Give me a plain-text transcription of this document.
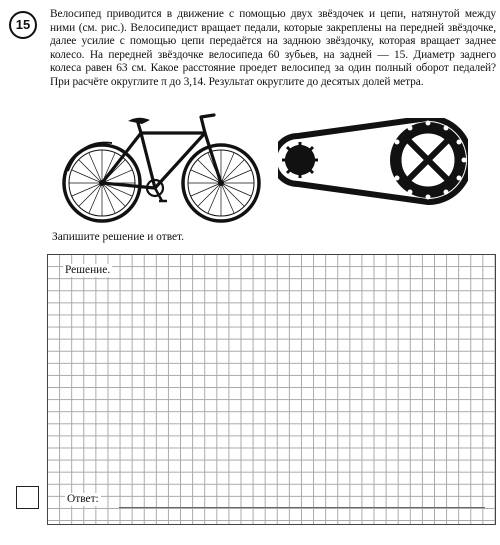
15
Велосипед приводится в движение с помощью двух звёздочек и цепи, натянутой между ними (см. рис.). Велосипедист вращает педали, которые закреплены на передней звёздочке, далее усилие с помощью цепи передаётся на заднюю звёздочку, которая вращает заднее колесо. На передней звёздочке велосипеда 60 зубьев, на задней — 15. Диаметр заднего колеса равен 63 см. Какое расстояние проедет велосипед за один полный оборот педалей? При расчёте округлите π до 3,14. Результат округлите до десятых долей метра.
Запишите решение и ответ.
Решение.
Ответ:
